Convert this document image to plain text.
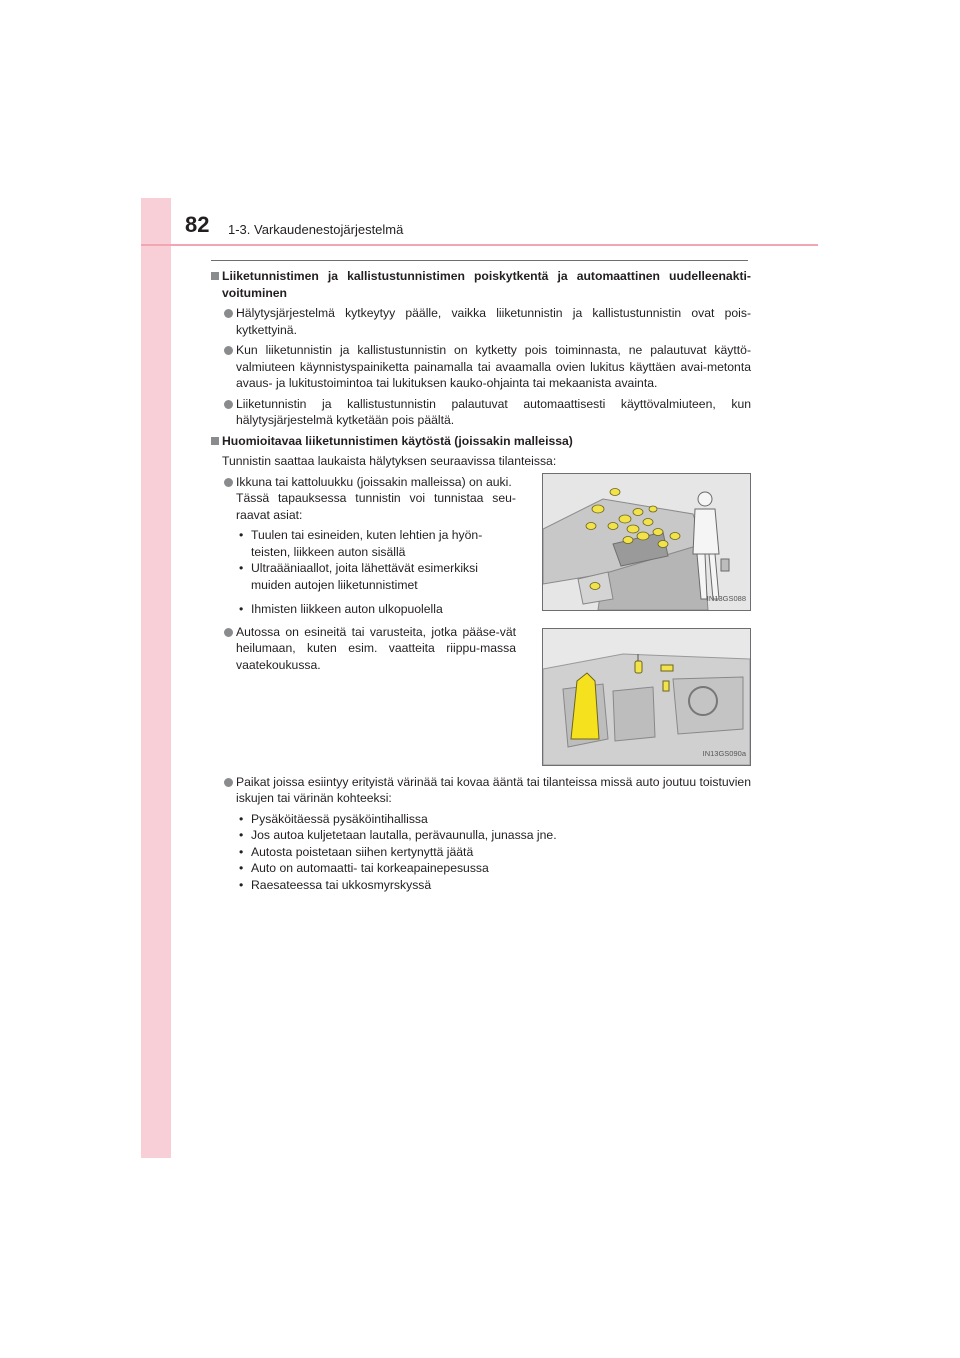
82 1-3. Varkaudenestojärjestelmä
Liiketunnistimen ja kallistustunnistimen poiskytkentä ja automaattinen uudelleenakti-voituminen
Hälytysjärjestelmä kytkeytyy päälle, vaikka liiketunnistin ja kallistustunnistin ovat pois-kytkettyinä.
Kun liiketunnistin ja kallistustunnistin on kytketty pois toiminnasta, ne palautuvat käyttö-valmiuteen käynnistyspainiketta painamalla tai avaamalla ovien lukitus käyttäen avai-metonta avaus- ja lukitustoimintoa tai lukituksen kauko-ohjainta tai mekaanista avainta.
Liiketunnistin ja kallistustunnistin palautuvat automaattisesti käyttövalmiuteen, kun hälytysjärjestelmä kytketään pois päältä.
Huomioitavaa liiketunnistimen käytöstä (joissakin malleissa)
Tunnistin saattaa laukaista hälytyksen seuraavissa tilanteissa:
Ikkuna tai kattoluukku (joissakin malleissa) on auki.
Tässä tapauksessa tunnistin voi tunnistaa seu-raavat asiat:
• Tuulen tai esineiden, kuten lehtien ja hyön-teisten, liikkeen auton sisällä
• Ultraääniaallot, joita lähettävät esimerkiksi muiden autojen liiketunnistimet
• Ihmisten liikkeen auton ulkopuolella
IN13GS088
Autossa on esineitä tai varusteita, jotka pääse-vät heilumaan, kuten esim. vaatteita riippu-massa vaatekoukussa.
IN13GS090a
Paikat joissa esiintyy erityistä värinää tai kovaa ääntä tai tilanteissa missä auto joutuu toistuvien iskujen tai värinän kohteeksi:
• Pysäköitäessä pysäköintihallissa
• Jos autoa kuljetetaan lautalla, perävaunulla, junassa jne.
• Autosta poistetaan siihen kertynyttä jäätä
• Auto on automaatti- tai korkeapainepesussa
• Raesateessa tai ukkosmyrskyssä
